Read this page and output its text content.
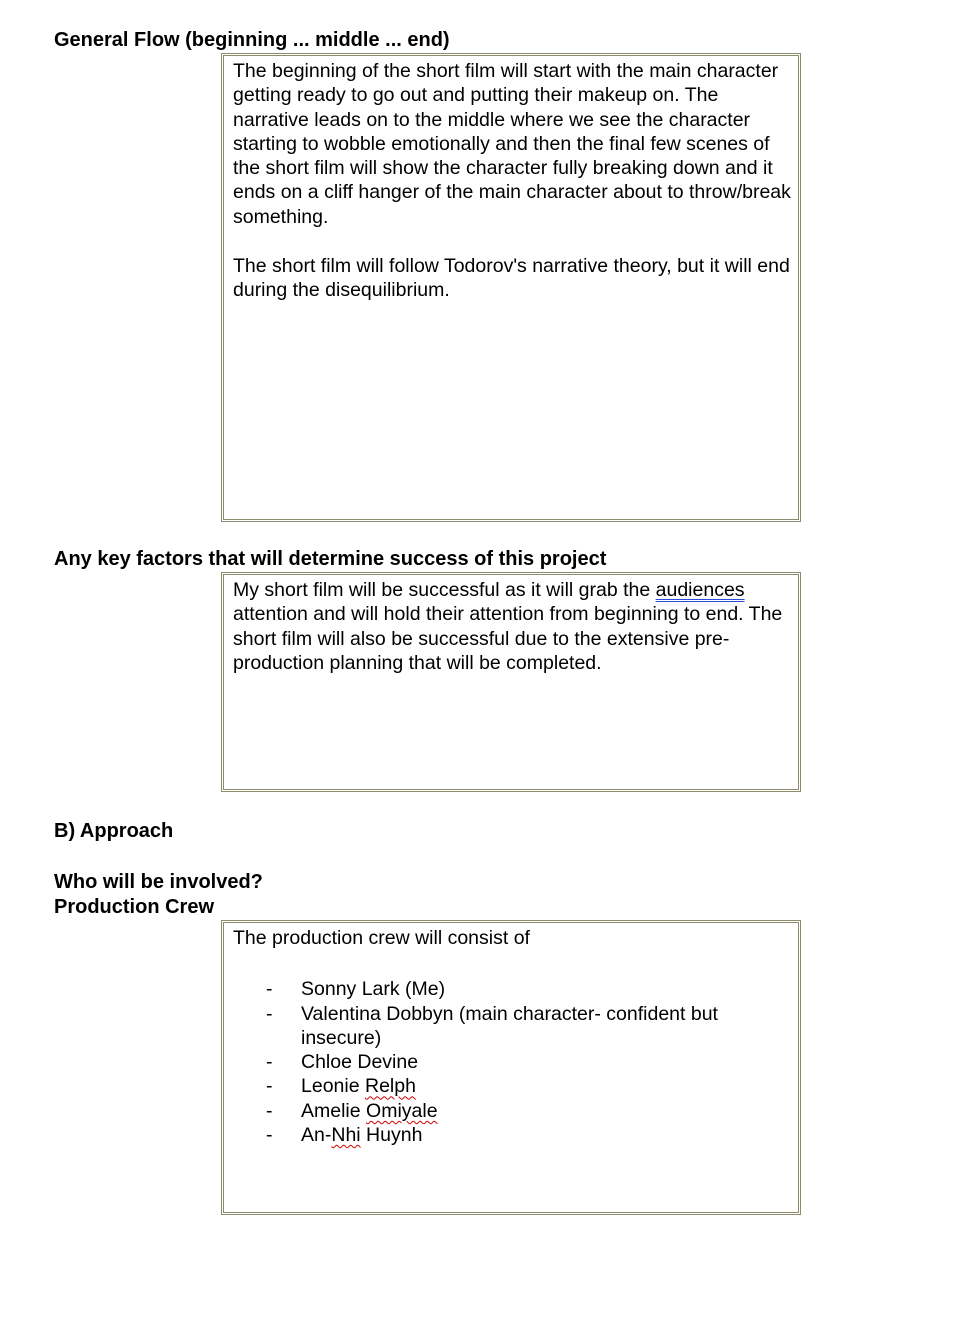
General Flow (beginning ... middle ... end)

The beginning of the short film will start with the main character getting ready to go out and putting their makeup on. The narrative leads on to the middle where we see the character starting to wobble emotionally and then the final few scenes of the short film will show the character fully breaking down and it ends on a cliff hanger of the main character about to throw/break something.

The short film will follow Todorov's narrative theory, but it will end during the disequilibrium.

Any key factors that will determine success of this project

My short film will be successful as it will grab the audiences attention and will hold their attention from beginning to end. The short film will also be successful due to the extensive pre-production planning that will be completed.

B) Approach
Who will be involved?
Production Crew

The production crew will consist of

- Sonny Lark (Me)
- Valentina Dobbyn (main character- confident but insecure)
- Chloe Devine
- Leonie Relph
- Amelie Omiyale
- An-Nhi Huynh
